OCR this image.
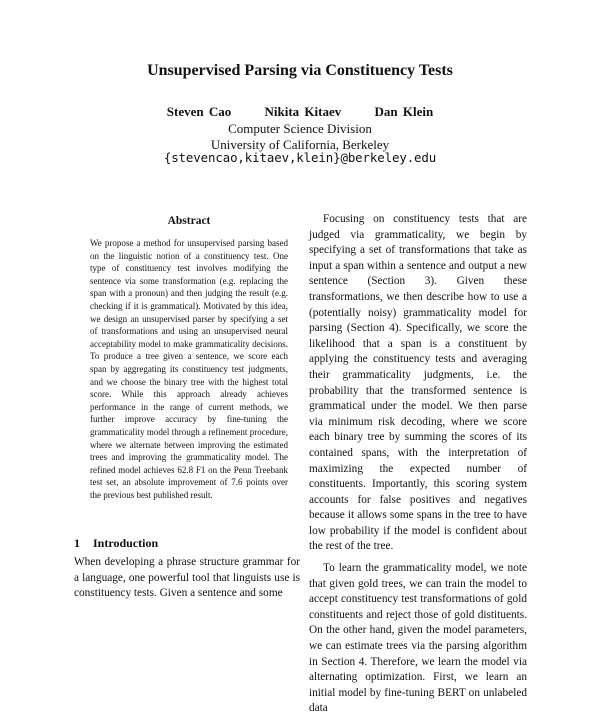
Unsupervised Parsing via Constituency Tests
Steven Cao	Nikita Kitaev	Dan Klein
Computer Science Division
University of California, Berkeley
{stevencao,kitaev,klein}@berkeley.edu
Abstract
We propose a method for unsupervised parsing based on the linguistic notion of a constituency test. One type of constituency test involves modifying the sentence via some transformation (e.g. replacing the span with a pronoun) and then judging the result (e.g. checking if it is grammatical). Motivated by this idea, we design an unsupervised parser by specifying a set of transformations and using an unsupervised neural acceptability model to make grammaticality decisions. To produce a tree given a sentence, we score each span by aggregating its constituency test judgments, and we choose the binary tree with the highest total score. While this approach already achieves performance in the range of current methods, we further improve accuracy by fine-tuning the grammaticality model through a refinement procedure, where we alternate between improving the estimated trees and improving the grammaticality model. The refined model achieves 62.8 F1 on the Penn Treebank test set, an absolute improvement of 7.6 points over the previous best published result.
1 Introduction
When developing a phrase structure grammar for a language, one powerful tool that linguists use is constituency tests. Given a sentence and some

Focusing on constituency tests that are judged via grammaticality, we begin by specifying a set of transformations that take as input a span within a sentence and output a new sentence (Section 3). Given these transformations, we then describe how to use a (potentially noisy) grammaticality model for parsing (Section 4). Specifically, we score the likelihood that a span is a constituent by applying the constituency tests and averaging their grammaticality judgments, i.e. the probability that the transformed sentence is grammatical under the model. We then parse via minimum risk decoding, where we score each binary tree by summing the scores of its contained spans, with the interpretation of maximizing the expected number of constituents. Importantly, this scoring system accounts for false positives and negatives because it allows some spans in the tree to have low probability if the model is confident about the rest of the tree.

To learn the grammaticality model, we note that given gold trees, we can train the model to accept constituency test transformations of gold constituents and reject those of gold distituents. On the other hand, given the model parameters, we can estimate trees via the parsing algorithm in Section 4. Therefore, we learn the model via alternating optimization. First, we learn an initial model by fine-tuning BERT on unlabeled data
